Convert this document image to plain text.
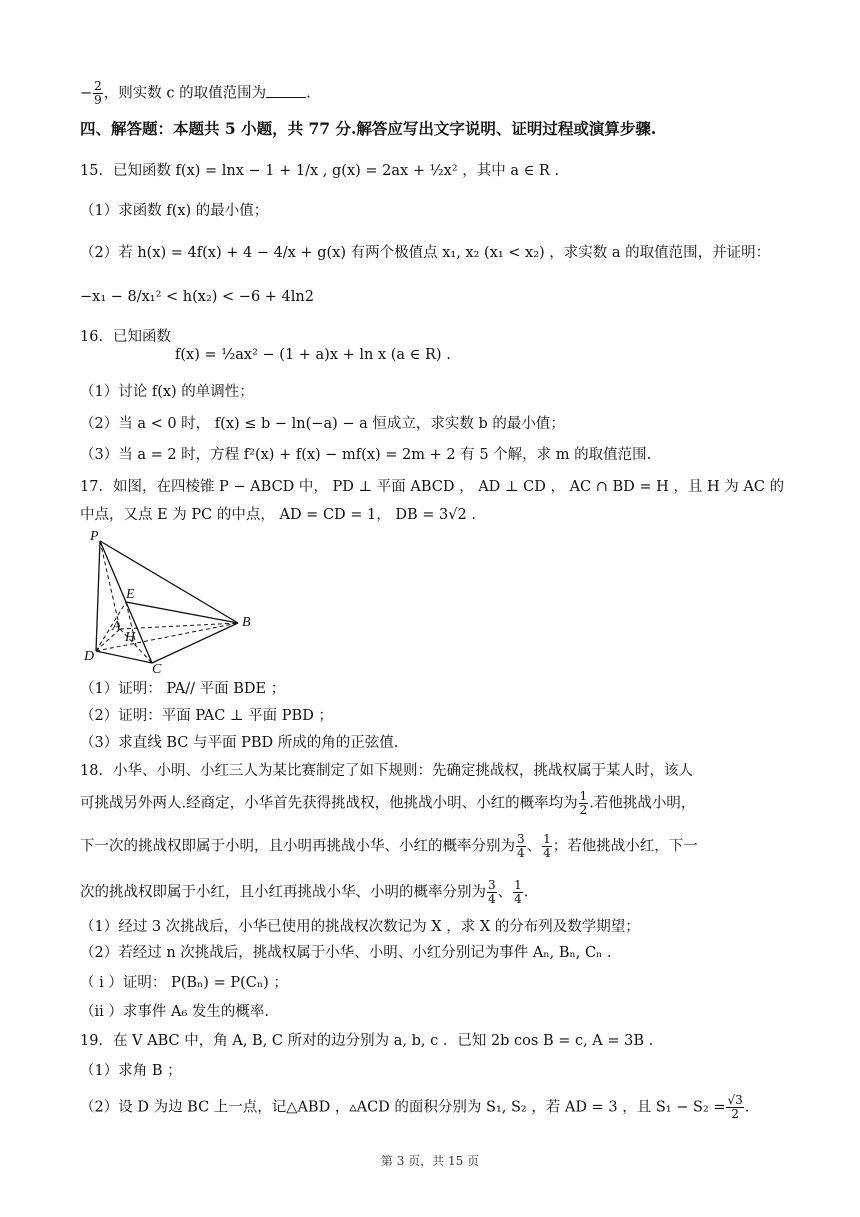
− $\frac{2}{9}$ ，则实数 c 的取值范围为	.
四、解答题：本题共 5 小题，共 77 分.解答应写出文字说明、证明过程或演算步骤.
15．已知函数 f(x) = lnx − 1 + 1/x , g(x) = 2ax + ½x² ，其中 a ∈ R .
（1）求函数 f(x) 的最小值；
（2）若 h(x) = 4f(x) + 4 − 4/x + g(x) 有两个极值点 x₁, x₂ (x₁ < x₂) ，求实数 a 的取值范围，并证明：
−x₁ − 8/x₁² < h(x₂) < −6 + 4ln2
16．已知函数
f(x) = ½ax² − (1 + a)x + ln x (a ∈ R) .
（1）讨论 f(x) 的单调性；
（2）当 a < 0 时， f(x) ≤ b − ln(−a) − a 恒成立，求实数 b 的最小值；
（3）当 a = 2 时，方程 f²(x) + f(x) − mf(x) = 2m + 2 有 5 个解，求 m 的取值范围.
17．如图，在四棱锥 P − ABCD 中， PD ⊥ 平面 ABCD ， AD ⊥ CD ， AC ∩ BD = H ，且 H 为 AC 的
中点，又点 E 为 PC 的中点， AD = CD = 1， DB = 3√2 .
P
E
A
H
B
D
C
（1）证明： PA// 平面 BDE ；
（2）证明：平面 PAC ⊥ 平面 PBD ；
（3）求直线 BC 与平面 PBD 所成的角的正弦值.
18．小华、小明、小红三人为某比赛制定了如下规则：先确定挑战权，挑战权属于某人时，该人
可挑战另外两人.经商定，小华首先获得挑战权，他挑战小明、小红的概率均为 $\frac{1}{2}$ .若他挑战小明，
下一次的挑战权即属于小明，且小明再挑战小华、小红的概率分别为 $\frac{3}{4}$ 、 $\frac{1}{4}$ ；若他挑战小红，下一
次的挑战权即属于小红，且小红再挑战小华、小明的概率分别为 $\frac{3}{4}$ 、 $\frac{1}{4}$ .
（1）经过 3 次挑战后，小华已使用的挑战权次数记为 X ，求 X 的分布列及数学期望；
（2）若经过 n 次挑战后，挑战权属于小华、小明、小红分别记为事件 Aₙ, Bₙ, Cₙ .
（ i ）证明： P(Bₙ) = P(Cₙ) ；
（ii ）求事件 A₆ 发生的概率.
19．在 V ABC 中，角 A, B, C 所对的边分别为 a, b, c ．已知 2b cos B = c, A = 3B .
（1）求角 B ；
（2）设 D 为边 BC 上一点，记△ABD ，▵ACD 的面积分别为 S₁, S₂ ，若 AD = 3 ，且 $S_1 - S_2 = \frac{√3}{2}$ .
第 3 页，共 15 页
